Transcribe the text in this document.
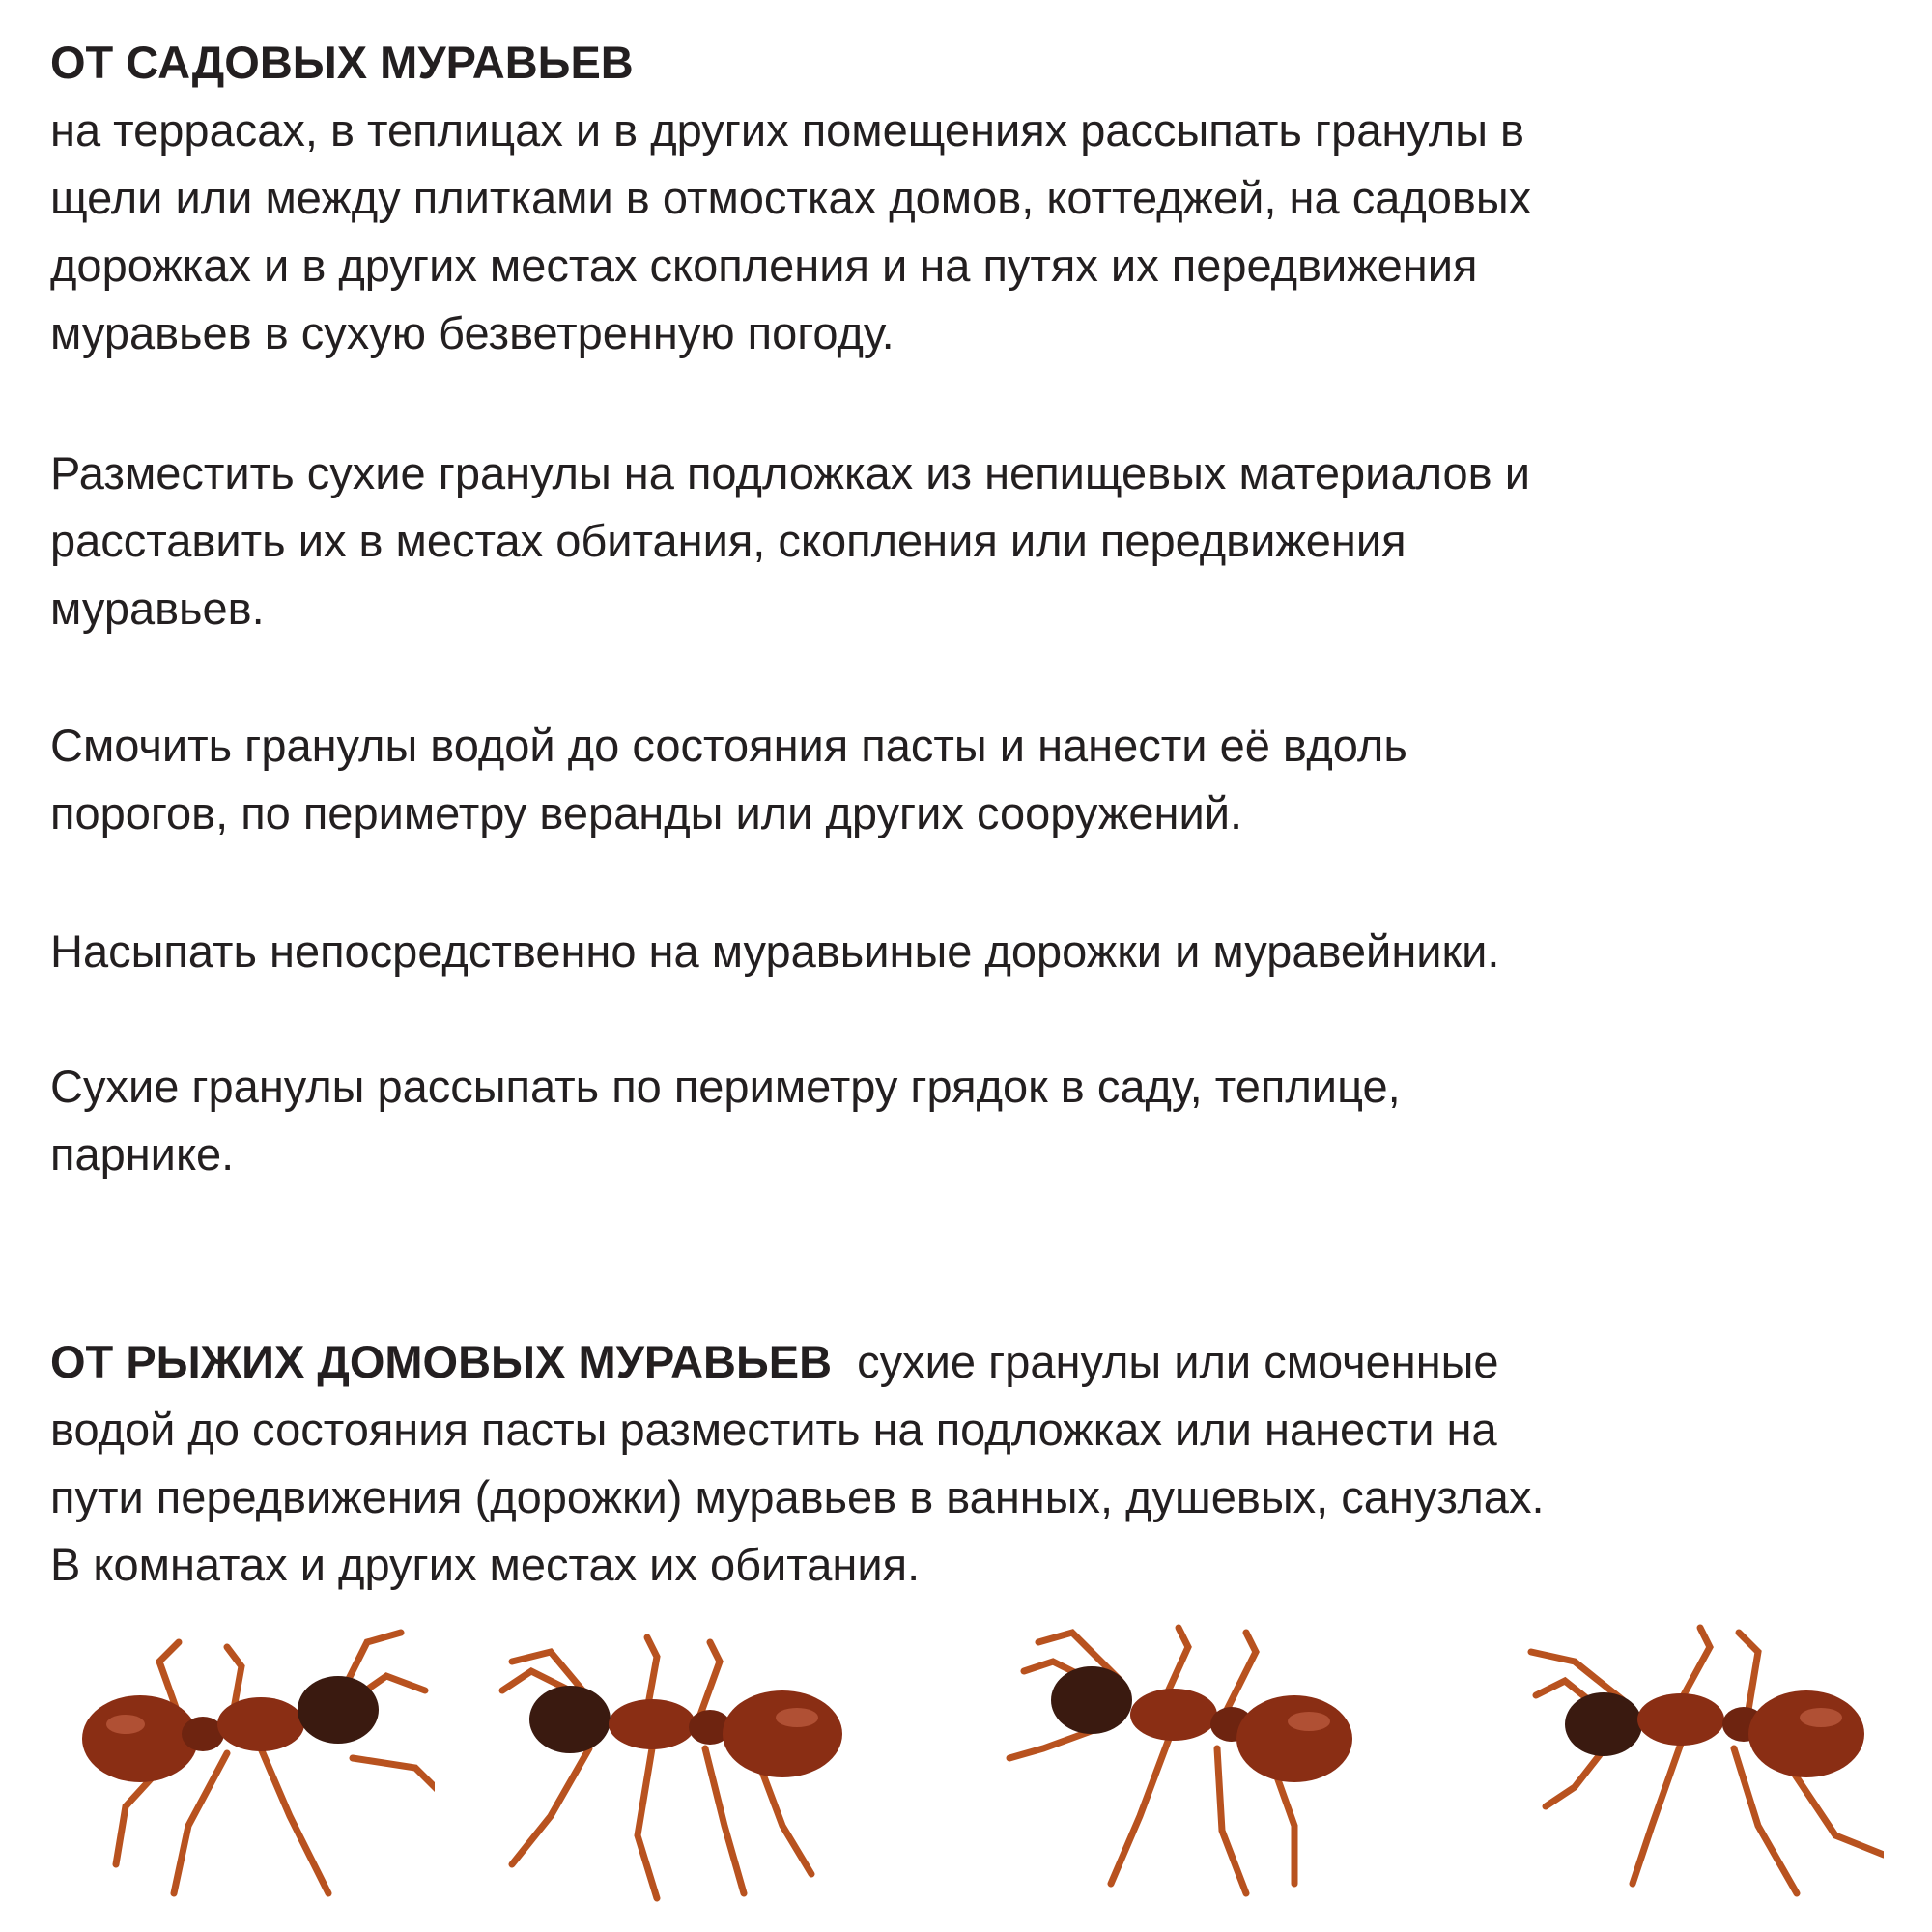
ОТ САДОВЫХ МУРАВЬЕВ

на террасах, в теплицах и в других помещениях рассыпать гранулы в
щели или между плитками в отмостках домов, коттеджей, на садовых
дорожках и в других местах скопления и на путях их передвижения
муравьев в сухую безветренную погоду.

Разместить сухие гранулы на подложках из непищевых материалов и
расставить их в местах обитания, скопления или передвижения
муравьев.

Смочить гранулы водой до состояния пасты и нанести её вдоль
порогов, по периметру веранды или других сооружений.

Насыпать непосредственно на муравьиные дорожки и муравейники.

Сухие гранулы рассыпать по периметру грядок в саду, теплице,
парнике.

ОТ РЫЖИХ ДОМОВЫХ МУРАВЬЕВ  сухие гранулы или смоченные
водой до состояния пасты разместить на подложках или нанести на
пути передвижения (дорожки) муравьев в ванных, душевых, санузлах.
В комнатах и других местах их обитания.
